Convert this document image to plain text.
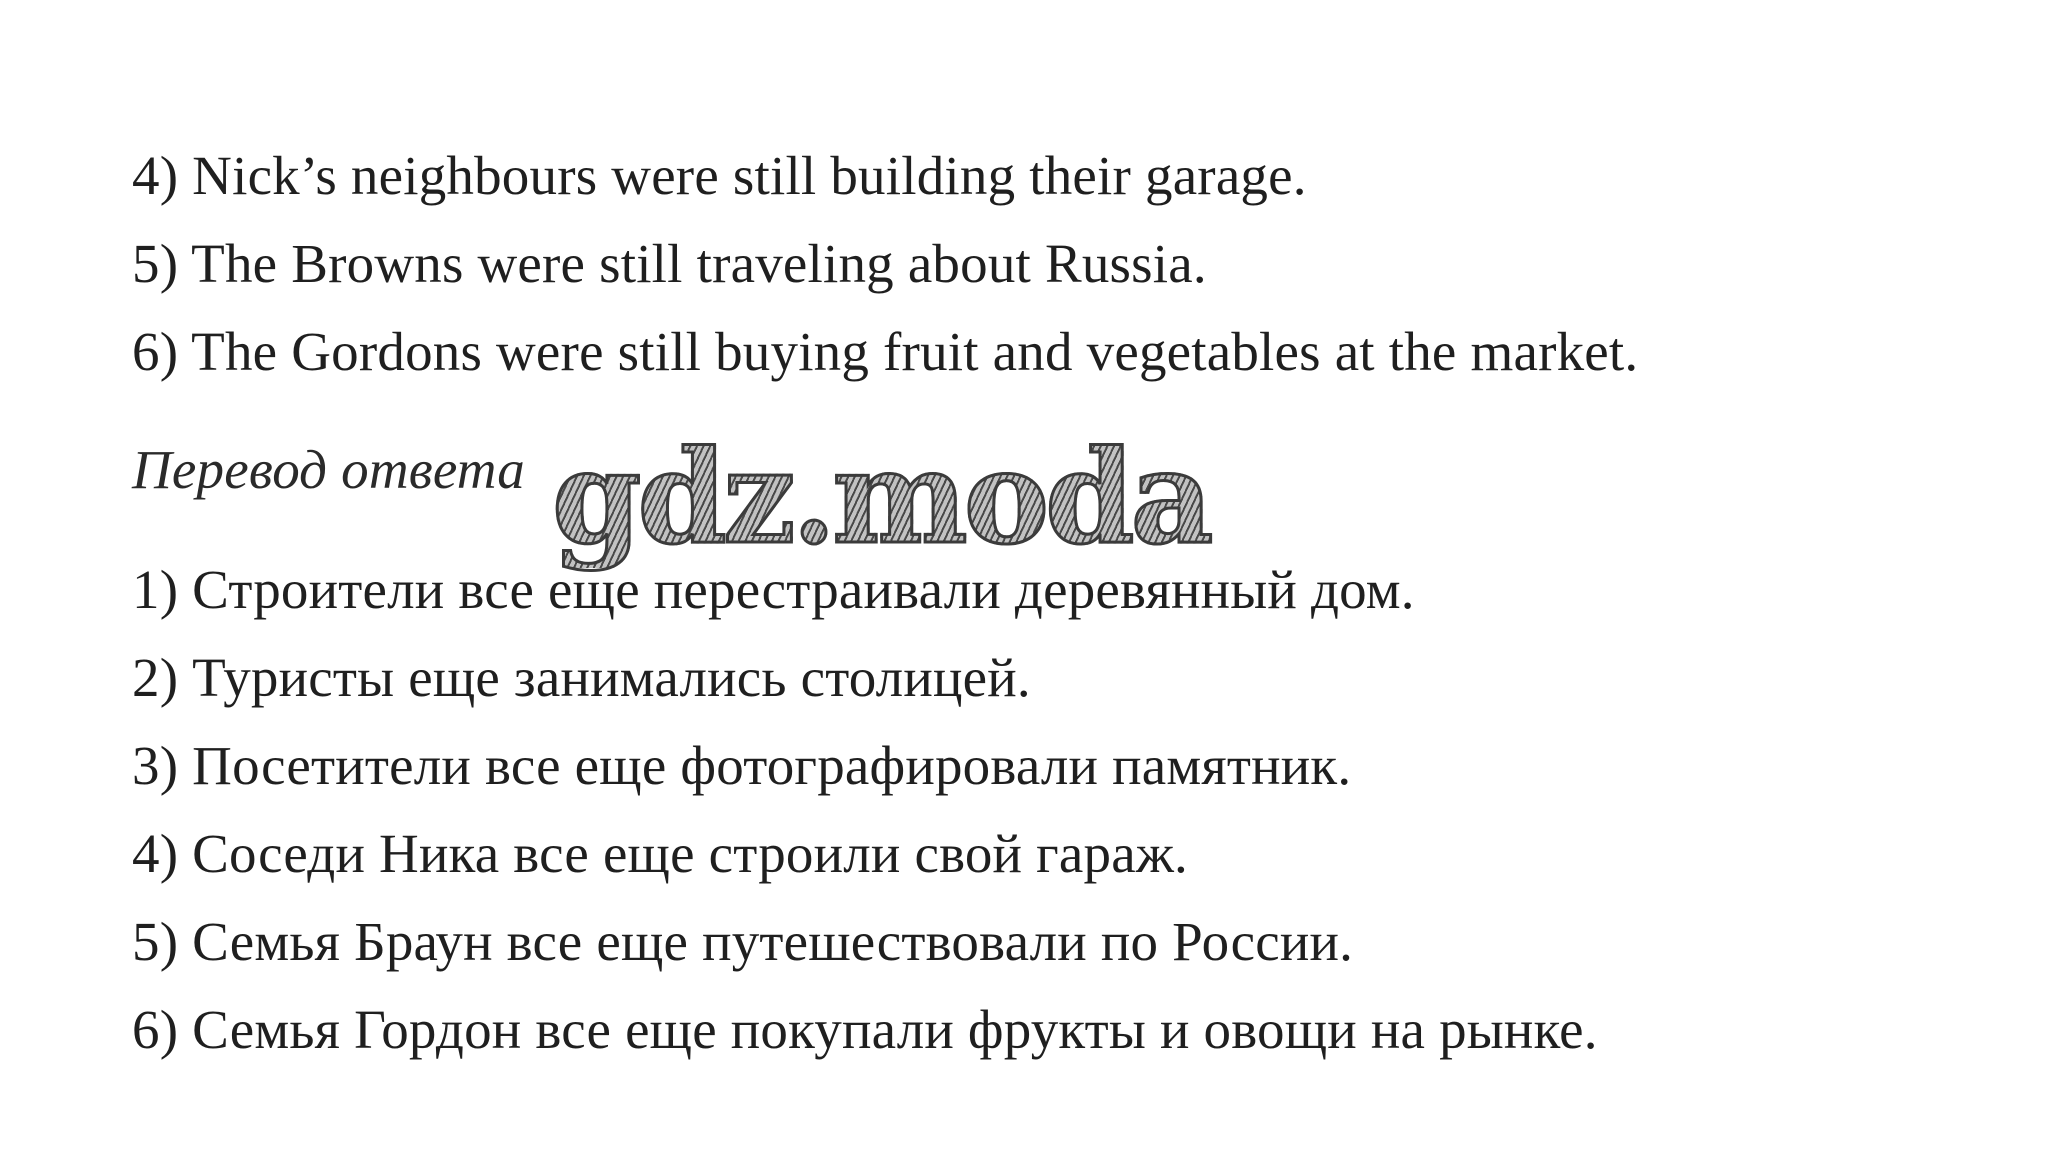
4) Nick’s neighbours were still building their garage.
5) The Browns were still traveling about Russia.
6) The Gordons were still buying fruit and vegetables at the market.
Перевод ответа gdz.moda
1) Строители все еще перестраивали деревянный дом.
2) Туристы еще занимались столицей.
3) Посетители все еще фотографировали памятник.
4) Соседи Ника все еще строили свой гараж.
5) Семья Браун все еще путешествовали по России.
6) Семья Гордон все еще покупали фрукты и овощи на рынке.
